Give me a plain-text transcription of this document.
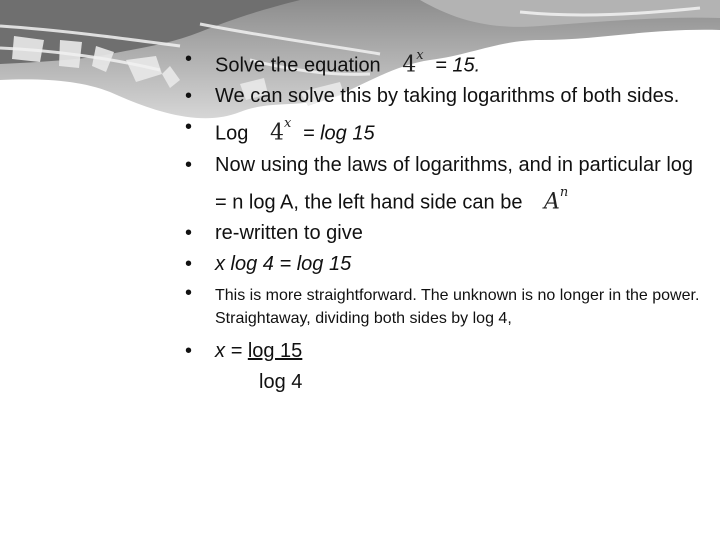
•	Solve the equation $4^x = 15$.
•	We can solve this by taking logarithms of both sides.
•	Log $4^x = \log 15$
•	Now using the laws of logarithms, and in particular log = n log A, the left hand side can be $A^n$
•	re-written to give
•	x log 4 = log 15
•	This is more straightforward. The unknown is no longer in the power. Straightaway, dividing both sides by log 4,
•	x = log 15
log 4
